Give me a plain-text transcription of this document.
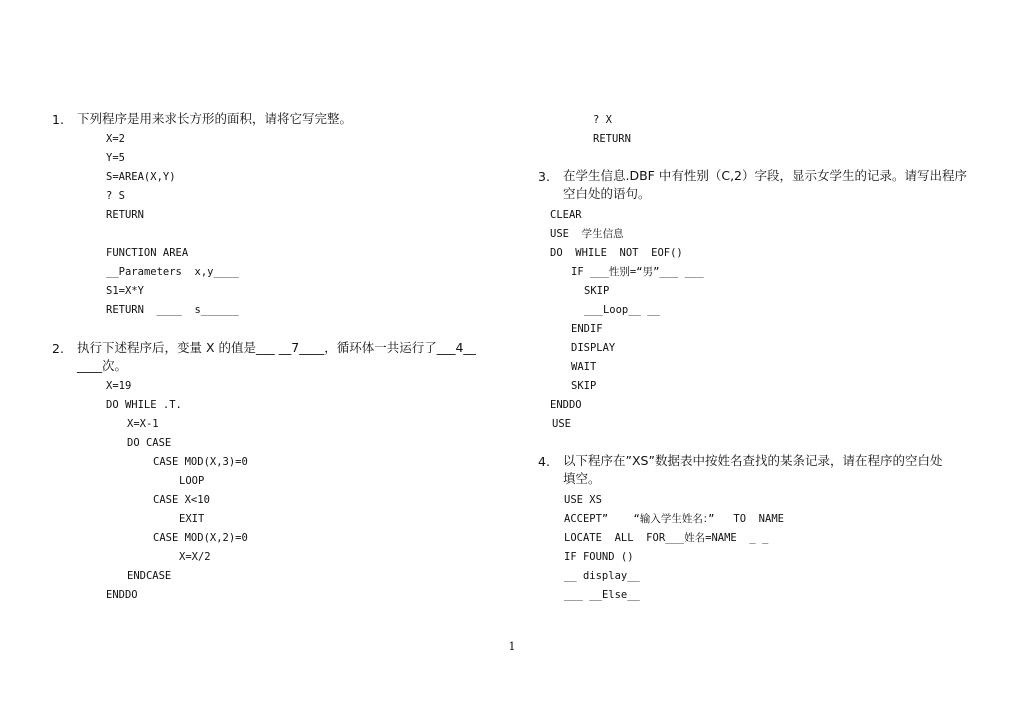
1. 下列程序是用来求长方形的面积，请将它写完整。
X=2
Y=5
S=AREA(X,Y)
? S
RETURN
FUNCTION AREA
__Parameters  x,y____
S1=X*Y
RETURN  ____  s______
2. 执行下述程序后，变量 X 的值是___ __7____，循环体一共运行了___4__
____次。
X=19
DO WHILE .T.
X=X-1
DO CASE
CASE MOD(X,3)=0
LOOP
CASE X<10
EXIT
CASE MOD(X,2)=0
X=X/2
ENDCASE
ENDDO
? X
RETURN
3. 在学生信息.DBF 中有性别（C,2）字段，显示女学生的记录。请写出程序
空白处的语句。
CLEAR
USE  学生信息
DO  WHILE  NOT  EOF()
IF ___性别=“男”___ ___
SKIP
___Loop__ __
ENDIF
DISPLAY
WAIT
SKIP
ENDDO
USE
4. 以下程序在”XS”数据表中按姓名查找的某条记录，请在程序的空白处
填空。
USE XS
ACCEPT”    “输入学生姓名：”   TO  NAME
LOCATE  ALL  FOR___姓名=NAME  _ _
IF FOUND ()
__ display__
___ __Else__
1
